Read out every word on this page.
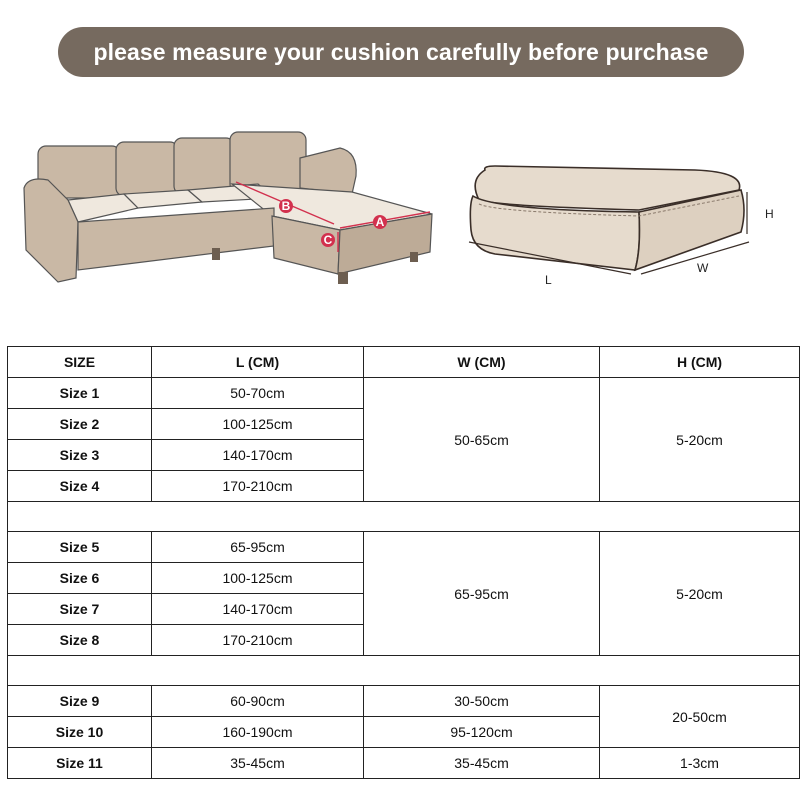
please measure your cushion carefully before purchase
B
A
C
L
W
H
SIZE	L (CM)	W (CM)	H (CM)
Size 1	50-70cm	50-65cm	5-20cm
Size 2	100-125cm		
Size 3	140-170cm		
Size 4	170-210cm		

Size 5	65-95cm	65-95cm	5-20cm
Size 6	100-125cm		
Size 7	140-170cm		
Size 8	170-210cm		

Size 9	60-90cm	30-50cm	20-50cm
Size 10	160-190cm	95-120cm	
Size 11	35-45cm	35-45cm	1-3cm
